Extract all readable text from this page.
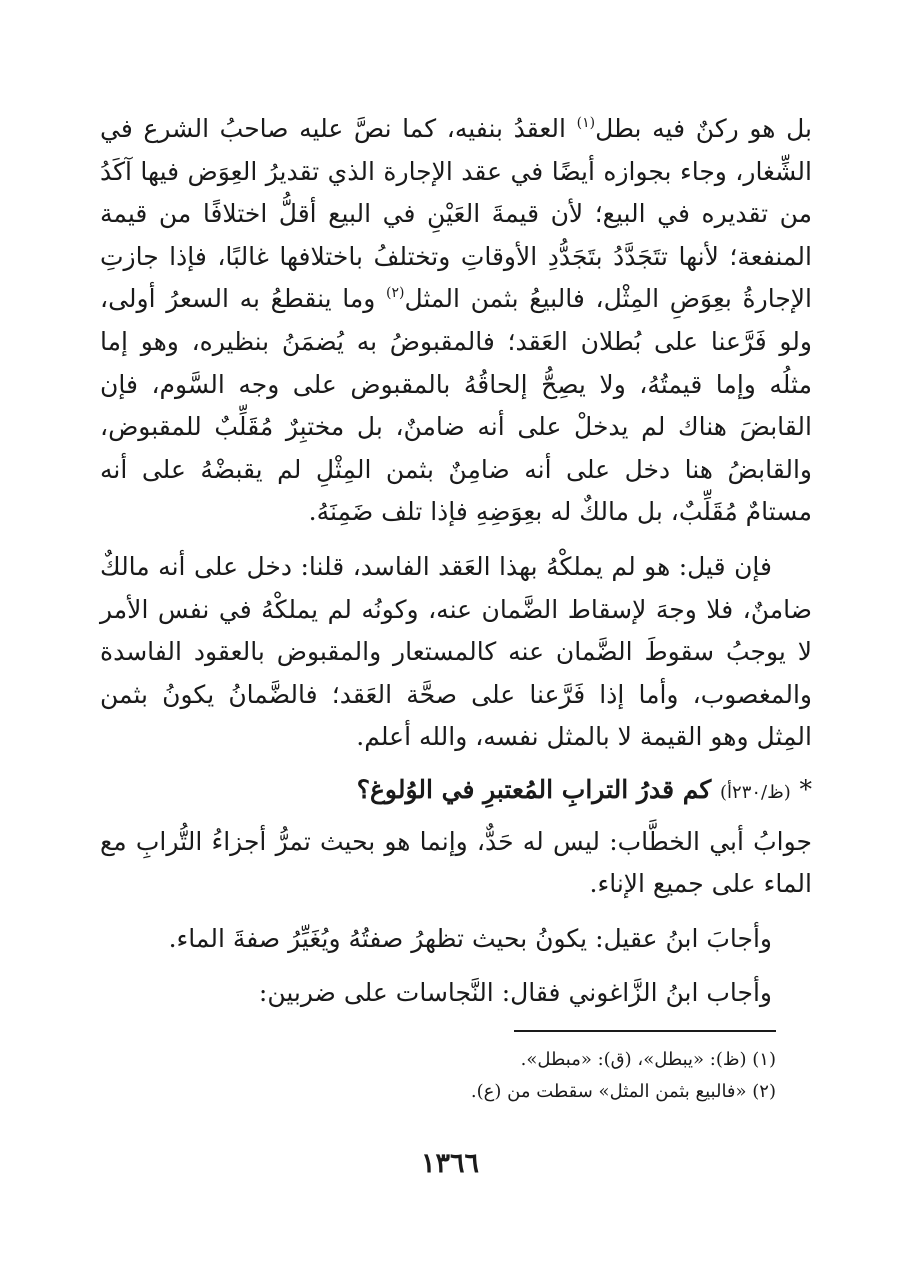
بل هو ركنٌ فيه بطل$^{(١)}$ العقدُ بنفيه، كما نصَّ عليه صاحبُ الشرع في الشِّغار، وجاء بجوازه أيضًا في عقد الإجارة الذي تقديرُ العِوَض فيها آكَدُ من تقديره في البيع؛ لأن قيمةَ العَيْنِ في البيع أقلُّ اختلافًا من قيمة المنفعة؛ لأنها تتَجَدَّدُ بتَجَدُّدِ الأوقاتِ وتختلفُ باختلافها غالبًا، فإذا جازتِ الإجارةُ بعِوَضِ المِثْل، فالبيعُ بثمن المثل$^{(٢)}$ وما ينقطعُ به السعرُ أولى، ولو فَرَّعنا على بُطلان العَقد؛ فالمقبوضُ به يُضمَنُ بنظيره، وهو إما مثلُه وإما قيمتُهُ، ولا يصِحُّ إلحاقُهُ بالمقبوض على وجه السَّوم، فإن القابضَ هناك لم يدخلْ على أنه ضامنٌ، بل مختبِرٌ مُقَلِّبٌ للمقبوض، والقابضُ هنا دخل على أنه ضامِنٌ بثمن المِثْلِ لم يقبضْهُ على أنه مستامٌ مُقَلِّبٌ، بل مالكٌ له بعِوَضِهِ فإذا تلف ضَمِنَهُ.

فإن قيل: هو لم يملكْهُ بهذا العَقد الفاسد، قلنا: دخل على أنه مالكٌ ضامنٌ، فلا وجهَ لإسقاط الضَّمان عنه، وكونُه لم يملكْهُ في نفس الأمر لا يوجبُ سقوطَ الضَّمان عنه كالمستعار والمقبوض بالعقود الفاسدة والمغصوب، وأما إذا فَرَّعنا على صحَّة العَقد؛ فالضَّمانُ يكونُ بثمن المِثل وهو القيمة لا بالمثل نفسه، والله أعلم.

* (ظ/٢٣٠أ) كم قدرُ الترابِ المُعتبرِ في الوُلوغ؟

جوابُ أبي الخطَّاب: ليس له حَدٌّ، وإنما هو بحيث تمرُّ أجزاءُ التُّرابِ مع الماء على جميع الإناء.

وأجابَ ابنُ عقيل: يكونُ بحيث تظهرُ صفتُهُ ويُغَيِّرُ صفةَ الماء.

وأجاب ابنُ الزَّاغوني فقال: النَّجاسات على ضربين:

(١) (ظ): «يبطل»، (ق): «مبطل».

(٢) «فالبيع بثمن المثل» سقطت من (ع).

١٣٦٦
